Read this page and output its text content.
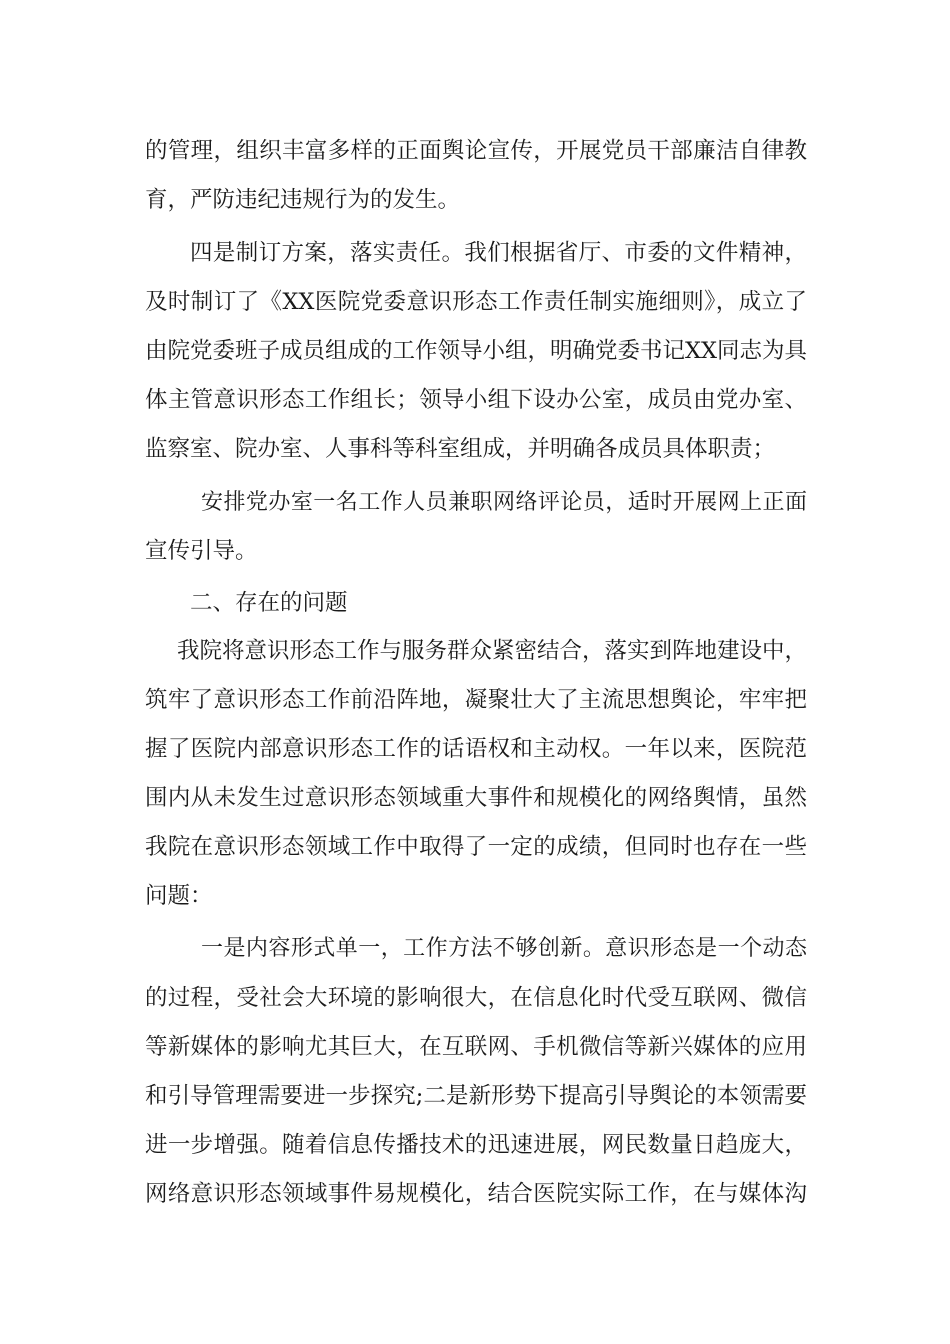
的管理，组织丰富多样的正面舆论宣传，开展党员干部廉洁自律教

育，严防违纪违规行为的发生。

四是制订方案，落实责任。我们根据省厅、市委的文件精神，

及时制订了《XX医院党委意识形态工作责任制实施细则》，成立了

由院党委班子成员组成的工作领导小组，明确党委书记XX同志为具

体主管意识形态工作组长；领导小组下设办公室，成员由党办室、

监察室、院办室、人事科等科室组成，并明确各成员具体职责；

安排党办室一名工作人员兼职网络评论员，适时开展网上正面

宣传引导。

二、存在的问题

我院将意识形态工作与服务群众紧密结合，落实到阵地建设中，

筑牢了意识形态工作前沿阵地，凝聚壮大了主流思想舆论，牢牢把

握了医院内部意识形态工作的话语权和主动权。一年以来，医院范

围内从未发生过意识形态领域重大事件和规模化的网络舆情，虽然

我院在意识形态领域工作中取得了一定的成绩，但同时也存在一些

问题：

一是内容形式单一，工作方法不够创新。意识形态是一个动态

的过程，受社会大环境的影响很大，在信息化时代受互联网、微信

等新媒体的影响尤其巨大，在互联网、手机微信等新兴媒体的应用

和引导管理需要进一步探究;二是新形势下提高引导舆论的本领需要

进一步增强。随着信息传播技术的迅速进展，网民数量日趋庞大，

网络意识形态领域事件易规模化，结合医院实际工作，在与媒体沟
